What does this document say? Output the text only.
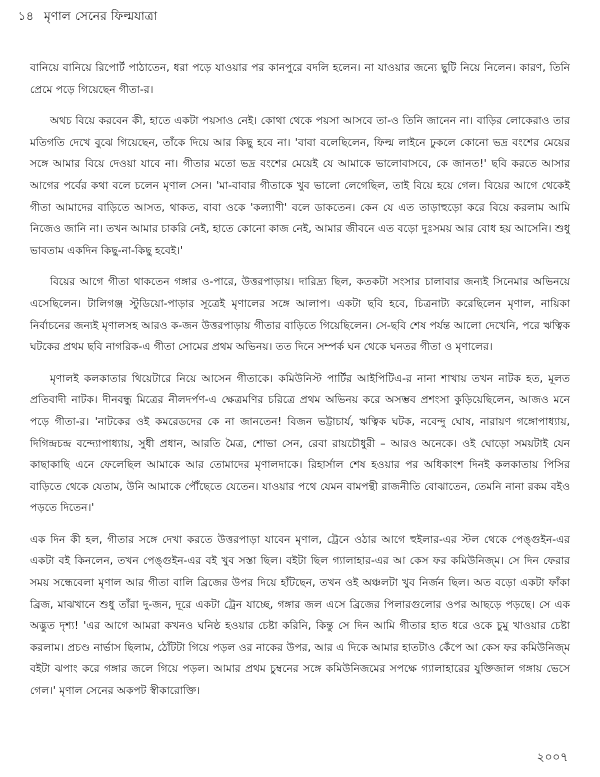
১৪ মৃণাল সেনের ফিল্মযাত্রা

বানিয়ে বানিয়ে রিপোর্ট পাঠাতেন, ধরা পড়ে যাওয়ার পর কানপুরে বদলি হলেন। না যাওয়ার জন্যে ছুটি নিয়ে নিলেন। কারণ, তিনি প্রেমে পড়ে গিয়েছেন গীতা-র।

অথচ বিয়ে করবেন কী, হাতে একটা পয়সাও নেই। কোথা থেকে পয়সা আসবে তা-ও তিনি জানেন না। বাড়ির লোকেরাও তার মতিগতি দেখে বুঝে গিয়েছেন, তাঁকে দিয়ে আর কিছু হবে না। 'বাবা বলেছিলেন, ফিল্ম লাইনে ঢুকলে কোনো ভদ্র বংশের মেয়ের সঙ্গে আমার বিয়ে দেওয়া যাবে না। গীতার মতো ভদ্র বংশের মেয়েই যে আমাকে ভালোবাসবে, কে জানত!' ছবি করতে আসার আগের পর্বের কথা বলে চলেন মৃণাল সেন। 'মা-বাবার গীতাকে খুব ভালো লেগেছিল, তাই বিয়ে হয়ে গেল। বিয়ের আগে থেকেই গীতা আমাদের বাড়িতে আসত, থাকত, বাবা ওকে 'কল্যাণী' বলে ডাকতেন। কেন যে এত তাড়াহুড়ো করে বিয়ে করলাম আমি নিজেও জানি না। তখন আমার চাকরি নেই, হাতে কোনো কাজ নেই, আমার জীবনে এত বড়ো দুঃসময় আর বোধ হয় আসেনি। শুধু ভাবতাম একদিন কিছু-না-কিছু হবেই।'

বিয়ের আগে গীতা থাকতেন গঙ্গার ও-পারে, উত্তরপাড়ায়। দারিদ্র্য ছিল, কতকটা সংসার চালাবার জন্যই সিনেমার অভিনয়ে এসেছিলেন। টালিগঞ্জ স্টুডিয়ো-পাড়ার সূত্রেই মৃণালের সঙ্গে আলাপ। একটা ছবি হবে, চিত্রনাট্য করেছিলেন মৃণাল, নায়িকা নির্বাচনের জন্যই মৃণালসহ আরও ক-জন উত্তরপাড়ায় গীতার বাড়িতে গিয়েছিলেন। সে-ছবি শেষ পর্যন্ত আলো দেখেনি, পরে ঋত্বিক ঘটকের প্রথম ছবি নাগরিক-এ গীতা সোমের প্রথম অভিনয়। তত দিনে সম্পর্ক ঘন থেকে ঘনতর গীতা ও মৃণালের।

মৃণালই কলকাতার থিয়েটারে নিয়ে আসেন গীতাকে। কমিউনিস্ট পার্টির আইপিটিএ-র নানা শাখায় তখন নাটক হত, মূলত প্রতিবাদী নাটক। দীনবন্ধু মিত্রের নীলদর্পণ-এ ক্ষেত্রমণির চরিত্রে প্রথম অভিনয় করে অসম্ভব প্রশংসা কুড়িয়েছিলেন, আজও মনে পড়ে গীতা-র। 'নাটকের ওই কমরেডদের কে না জানতেন! বিজন ভট্টাচার্য, ঋত্বিক ঘটক, নবেন্দু ঘোষ, নারায়ণ গঙ্গোপাধ্যায়, দিগিন্দ্রচন্দ্র বন্দ্যোপাধ্যায়, সুধী প্রধান, আরতি মৈত্র, শোভা সেন, রেবা রায়চৌধুরী – আরও অনেকে। ওই ঘোড়ো সময়টাই যেন কাছাকাছি এনে ফেলেছিল আমাকে আর তোমাদের মৃণালদাকে। রিহার্সাল শেষ হওয়ার পর অধিকাংশ দিনই কলকাতায় পিসির বাড়িতে থেকে যেতাম, উনি আমাকে পৌঁছেতে যেতেন। যাওয়ার পথে যেমন বামপন্থী রাজনীতি বোঝাতেন, তেমনি নানা রকম বইও পড়তে দিতেন।'

এক দিন কী হল, গীতার সঙ্গে দেখা করতে উত্তরপাড়া যাবেন মৃণাল, ট্রেনে ওঠার আগে হুইলার-এর স্টল থেকে পেঙ্গুইন-এর একটা বই কিনলেন, তখন পেঙ্গুইন-এর বই খুব সস্তা ছিল। বইটা ছিল গ্যালাহার-এর আ কেস ফর কমিউনিজ্ম। সে দিন ফেরার সময় সন্ধেবেলা মৃণাল আর গীতা বালি ব্রিজের উপর দিয়ে হাঁটছেন, তখন ওই অঞ্চলটা খুব নির্জন ছিল। অত বড়ো একটা ফাঁকা ব্রিজ, মাঝখানে শুধু তাঁরা দু-জন, দূরে একটা ট্রেন যাচ্ছে, গঙ্গার জল এসে ব্রিজের পিলারগুলোর ওপর আছড়ে পড়ছে। সে এক অদ্ভুত দৃশ্য! 'এর আগে আমরা কখনও ঘনিষ্ঠ হওয়ার চেষ্টা করিনি, কিন্তু সে দিন আমি গীতার হাত ধরে ওকে চুমু খাওয়ার চেষ্টা করলাম। প্রচণ্ড নার্ভাস ছিলাম, ঠোঁটটা গিয়ে পড়ল ওর নাকের উপর, আর এ দিকে আমার হাতটাও কেঁপে আ কেস ফর কমিউনিজ্ম বইটা ঝপাং করে গঙ্গার জলে গিয়ে পড়ল। আমার প্রথম চুম্বনের সঙ্গে কমিউনিজমের সপক্ষে গ্যালাহারের যুক্তিজাল গঙ্গায় ভেসে গেল।' মৃণাল সেনের অকপট স্বীকারোক্তি।

২০০৭
